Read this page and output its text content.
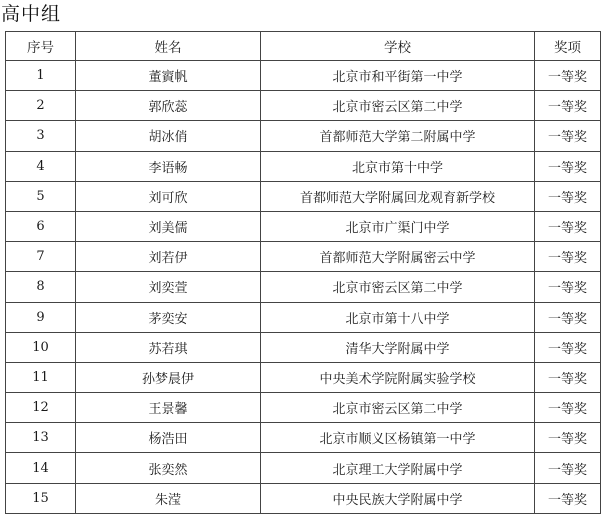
高中组
序号	姓名	学校	奖项
1	董賨帆	北京市和平街第一中学	一等奖
2	郭欣蕊	北京市密云区第二中学	一等奖
3	胡冰俏	首都师范大学第二附属中学	一等奖
4	李语畅	北京市第十中学	一等奖
5	刘可欣	首都师范大学附属回龙观育新学校	一等奖
6	刘美儒	北京市广渠门中学	一等奖
7	刘若伊	首都师范大学附属密云中学	一等奖
8	刘奕萱	北京市密云区第二中学	一等奖
9	茅奕安	北京市第十八中学	一等奖
10	苏若琪	清华大学附属中学	一等奖
11	孙梦晨伊	中央美术学院附属实验学校	一等奖
12	王景馨	北京市密云区第二中学	一等奖
13	杨浩田	北京市顺义区杨镇第一中学	一等奖
14	张奕然	北京理工大学附属中学	一等奖
15	朱滢	中央民族大学附属中学	一等奖
